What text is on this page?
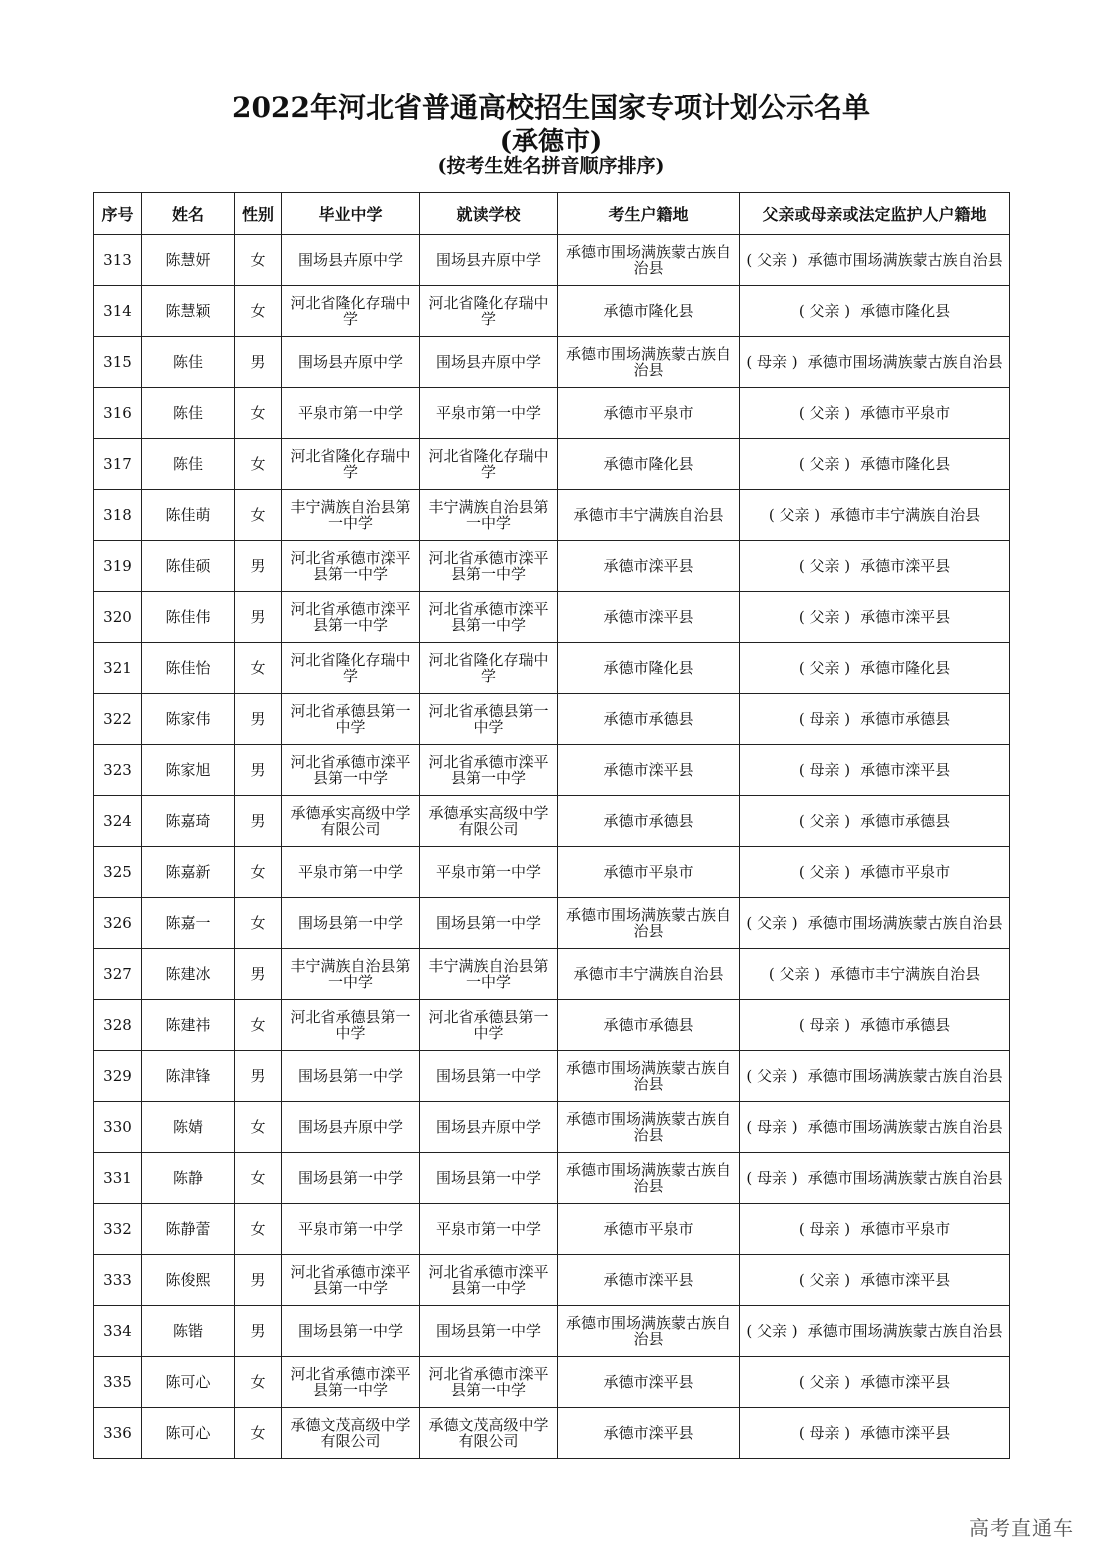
2022年河北省普通高校招生国家专项计划公示名单
(承德市)
(按考生姓名拼音顺序排序)
序号	姓名	性别	毕业中学	就读学校	考生户籍地	父亲或母亲或法定监护人户籍地
313	陈慧妍	女	围场县卉原中学	围场县卉原中学	承德市围场满族蒙古族自治县	( 父亲 ) 承德市围场满族蒙古族自治县
314	陈慧颖	女	河北省隆化存瑞中学	河北省隆化存瑞中学	承德市隆化县	( 父亲 ) 承德市隆化县
315	陈佳	男	围场县卉原中学	围场县卉原中学	承德市围场满族蒙古族自治县	( 母亲 ) 承德市围场满族蒙古族自治县
316	陈佳	女	平泉市第一中学	平泉市第一中学	承德市平泉市	( 父亲 ) 承德市平泉市
317	陈佳	女	河北省隆化存瑞中学	河北省隆化存瑞中学	承德市隆化县	( 父亲 ) 承德市隆化县
318	陈佳萌	女	丰宁满族自治县第一中学	丰宁满族自治县第一中学	承德市丰宁满族自治县	( 父亲 ) 承德市丰宁满族自治县
319	陈佳硕	男	河北省承德市滦平县第一中学	河北省承德市滦平县第一中学	承德市滦平县	( 父亲 ) 承德市滦平县
320	陈佳伟	男	河北省承德市滦平县第一中学	河北省承德市滦平县第一中学	承德市滦平县	( 父亲 ) 承德市滦平县
321	陈佳怡	女	河北省隆化存瑞中学	河北省隆化存瑞中学	承德市隆化县	( 父亲 ) 承德市隆化县
322	陈家伟	男	河北省承德县第一中学	河北省承德县第一中学	承德市承德县	( 母亲 ) 承德市承德县
323	陈家旭	男	河北省承德市滦平县第一中学	河北省承德市滦平县第一中学	承德市滦平县	( 母亲 ) 承德市滦平县
324	陈嘉琦	男	承德承实高级中学有限公司	承德承实高级中学有限公司	承德市承德县	( 父亲 ) 承德市承德县
325	陈嘉新	女	平泉市第一中学	平泉市第一中学	承德市平泉市	( 父亲 ) 承德市平泉市
326	陈嘉一	女	围场县第一中学	围场县第一中学	承德市围场满族蒙古族自治县	( 父亲 ) 承德市围场满族蒙古族自治县
327	陈建冰	男	丰宁满族自治县第一中学	丰宁满族自治县第一中学	承德市丰宁满族自治县	( 父亲 ) 承德市丰宁满族自治县
328	陈建祎	女	河北省承德县第一中学	河北省承德县第一中学	承德市承德县	( 母亲 ) 承德市承德县
329	陈津锋	男	围场县第一中学	围场县第一中学	承德市围场满族蒙古族自治县	( 父亲 ) 承德市围场满族蒙古族自治县
330	陈婧	女	围场县卉原中学	围场县卉原中学	承德市围场满族蒙古族自治县	( 母亲 ) 承德市围场满族蒙古族自治县
331	陈静	女	围场县第一中学	围场县第一中学	承德市围场满族蒙古族自治县	( 母亲 ) 承德市围场满族蒙古族自治县
332	陈静蕾	女	平泉市第一中学	平泉市第一中学	承德市平泉市	( 母亲 ) 承德市平泉市
333	陈俊熙	男	河北省承德市滦平县第一中学	河北省承德市滦平县第一中学	承德市滦平县	( 父亲 ) 承德市滦平县
334	陈锴	男	围场县第一中学	围场县第一中学	承德市围场满族蒙古族自治县	( 父亲 ) 承德市围场满族蒙古族自治县
335	陈可心	女	河北省承德市滦平县第一中学	河北省承德市滦平县第一中学	承德市滦平县	( 父亲 ) 承德市滦平县
336	陈可心	女	承德文茂高级中学有限公司	承德文茂高级中学有限公司	承德市滦平县	( 母亲 ) 承德市滦平县
高考直通车
